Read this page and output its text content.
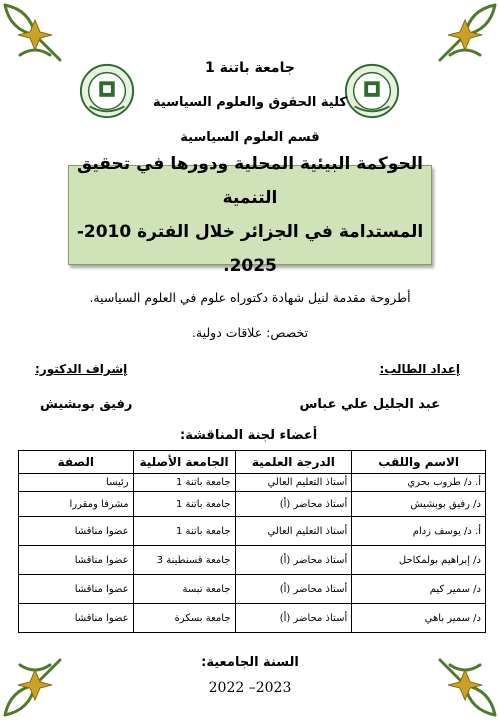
جامعة باتنة 1
كلية الحقوق والعلوم السياسية
قسم العلوم السياسية
الحوكمة البيئية المحلية ودورها في تحقيق التنمية
المستدامة في الجزائر خلال الفترة 2010-2025.
أطروحة مقدمة لنيل شهادة دكتوراه علوم في العلوم السياسية.
تخصص: علاقات دولية.
إعداد الطالب:
إشراف الدكتور:
عبد الجليل علي عباس
رفيق بوبشيش
أعضاء لجنة المناقشة:
الاسم واللقب	الدرجة العلمية	الجامعة الأصلية	الصفة
أ. د/ طروب بحري	أستاذ التعليم العالي	جامعة باتنة 1	رئيسا
د/ رفيق بوبشيش	أستاذ محاضر (أ)	جامعة باتنة 1	مشرفا ومقررا
أ. د/ يوسف زدام	أستاذ التعليم العالي	جامعة باتنة 1	عضوا مناقشا
د/ إبراهيم بولمكاحل	أستاذ محاضر (أ)	جامعة قسنطينة 3	عضوا مناقشا
د/ سمير كيم	أستاذ محاضر (أ)	جامعة تبسة	عضوا مناقشا
د/ سمير باهي	أستاذ محاضر (أ)	جامعة بسكرة	عضوا مناقشا
السنة الجامعية:
2022 –2023
